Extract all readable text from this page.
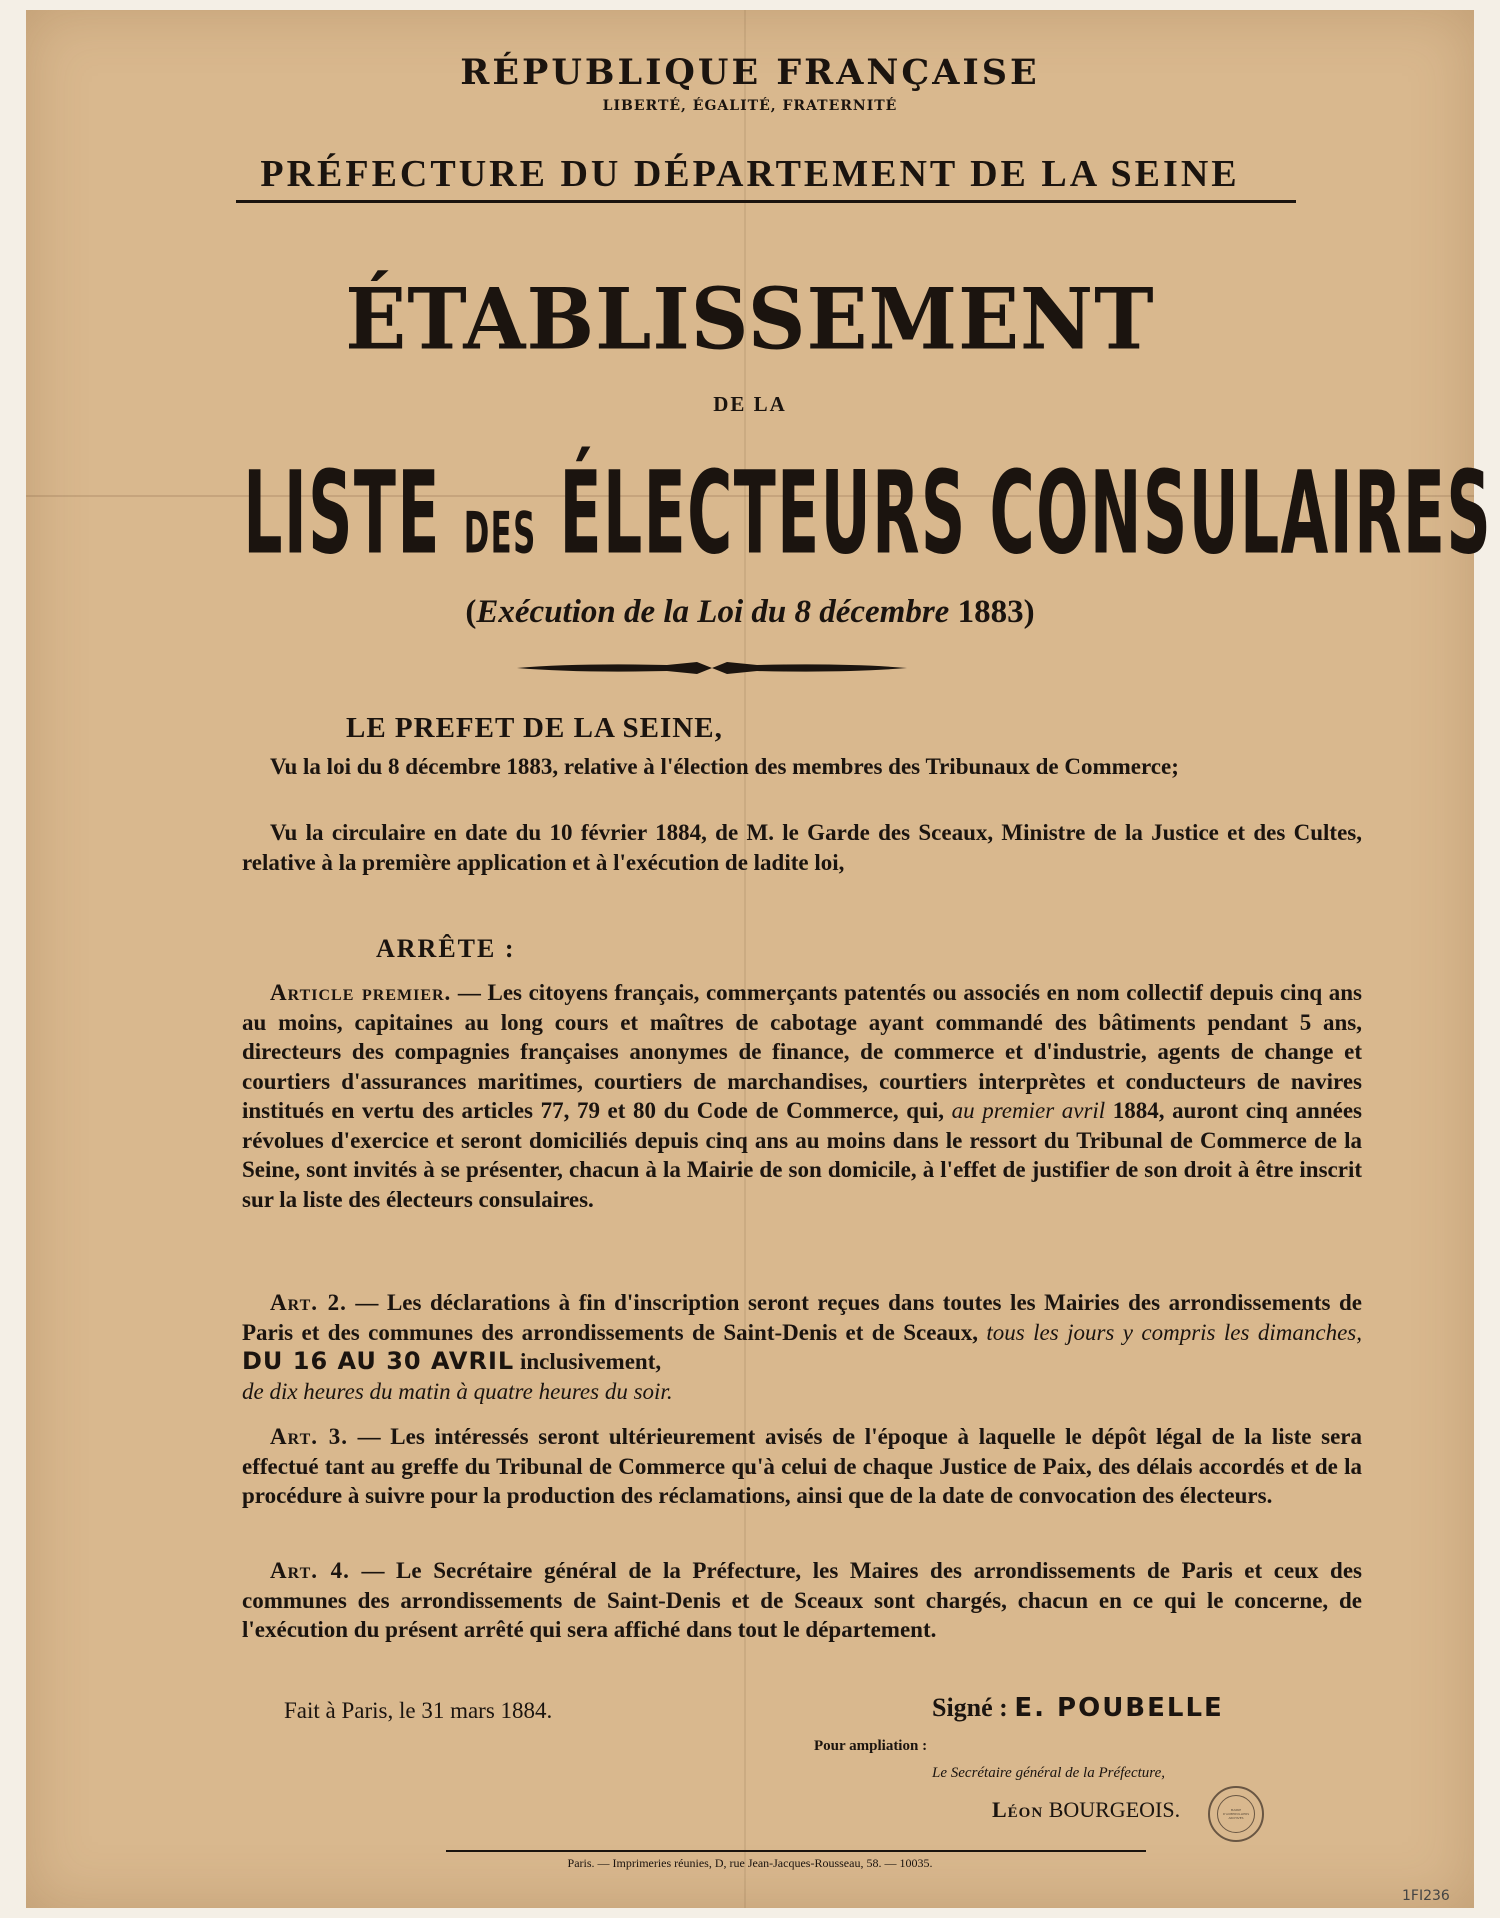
RÉPUBLIQUE FRANÇAISE
LIBERTÉ, ÉGALITÉ, FRATERNITÉ
PRÉFECTURE DU DÉPARTEMENT DE LA SEINE
ÉTABLISSEMENT
DE LA
LISTE DES ÉLECTEURS CONSULAIRES
(Exécution de la Loi du 8 décembre 1883)
LE PREFET DE LA SEINE,
Vu la loi du 8 décembre 1883, relative à l'élection des membres des Tribunaux de Commerce;
Vu la circulaire en date du 10 février 1884, de M. le Garde des Sceaux, Ministre de la Justice et des Cultes, relative à la première application et à l'exécution de ladite loi,
ARRÊTE :
Article premier. — Les citoyens français, commerçants patentés ou associés en nom collectif depuis cinq ans au moins, capitaines au long cours et maîtres de cabotage ayant commandé des bâtiments pendant 5 ans, directeurs des compagnies françaises anonymes de finance, de commerce et d'industrie, agents de change et courtiers d'assurances maritimes, courtiers de marchandises, courtiers interprètes et conducteurs de navires institués en vertu des articles 77, 79 et 80 du Code de Commerce, qui, au premier avril 1884, auront cinq années révolues d'exercice et seront domiciliés depuis cinq ans au moins dans le ressort du Tribunal de Commerce de la Seine, sont invités à se présenter, chacun à la Mairie de son domicile, à l'effet de justifier de son droit à être inscrit sur la liste des électeurs consulaires.
Art. 2. — Les déclarations à fin d'inscription seront reçues dans toutes les Mairies des arrondissements de Paris et des communes des arrondissements de Saint-Denis et de Sceaux, tous les jours y compris les dimanches, DU 16 AU 30 AVRIL inclusivement,
de dix heures du matin à quatre heures du soir.
Art. 3. — Les intéressés seront ultérieurement avisés de l'époque à laquelle le dépôt légal de la liste sera effectué tant au greffe du Tribunal de Commerce qu'à celui de chaque Justice de Paix, des délais accordés et de la procédure à suivre pour la production des réclamations, ainsi que de la date de convocation des électeurs.
Art. 4. — Le Secrétaire général de la Préfecture, les Maires des arrondissements de Paris et ceux des communes des arrondissements de Saint-Denis et de Sceaux sont chargés, chacun en ce qui le concerne, de l'exécution du présent arrêté qui sera affiché dans tout le département.
Fait à Paris, le 31 mars 1884.	Signé : E. POUBELLE
Pour ampliation :
Le Secrétaire général de la Préfecture,
Léon BOURGEOIS.	MAIRIE D'AUBERVILLIERS ARCHIVES
Paris. — Imprimeries réunies, D, rue Jean-Jacques-Rousseau, 58. — 10035.
1FI236
